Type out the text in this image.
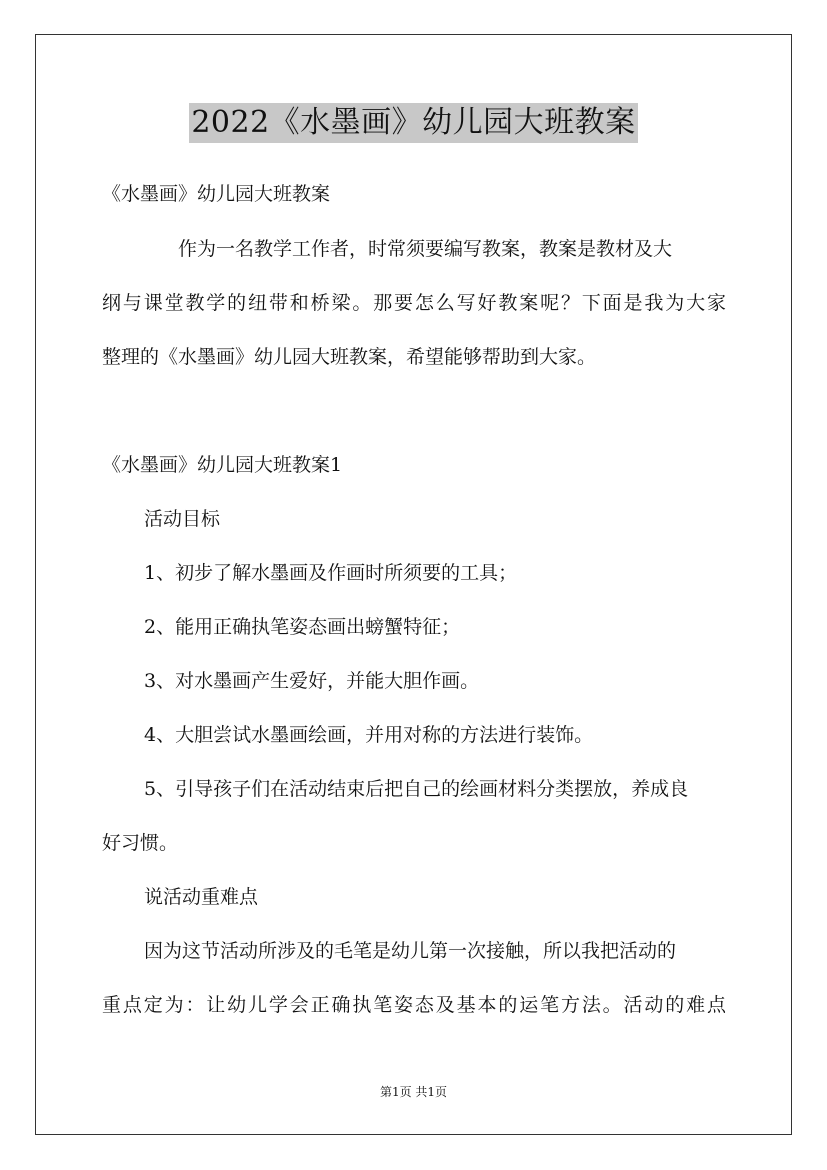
2022《水墨画》幼儿园大班教案
《水墨画》幼儿园大班教案
作为一名教学工作者，时常须要编写教案，教案是教材及大
纲与课堂教学的纽带和桥梁。那要怎么写好教案呢？下面是我为大家
整理的《水墨画》幼儿园大班教案，希望能够帮助到大家。
《水墨画》幼儿园大班教案1
活动目标
1、初步了解水墨画及作画时所须要的工具；
2、能用正确执笔姿态画出螃蟹特征；
3、对水墨画产生爱好，并能大胆作画。
4、大胆尝试水墨画绘画，并用对称的方法进行装饰。
5、引导孩子们在活动结束后把自己的绘画材料分类摆放，养成良
好习惯。
说活动重难点
因为这节活动所涉及的毛笔是幼儿第一次接触，所以我把活动的
重点定为：让幼儿学会正确执笔姿态及基本的运笔方法。活动的难点
第1页 共1页
